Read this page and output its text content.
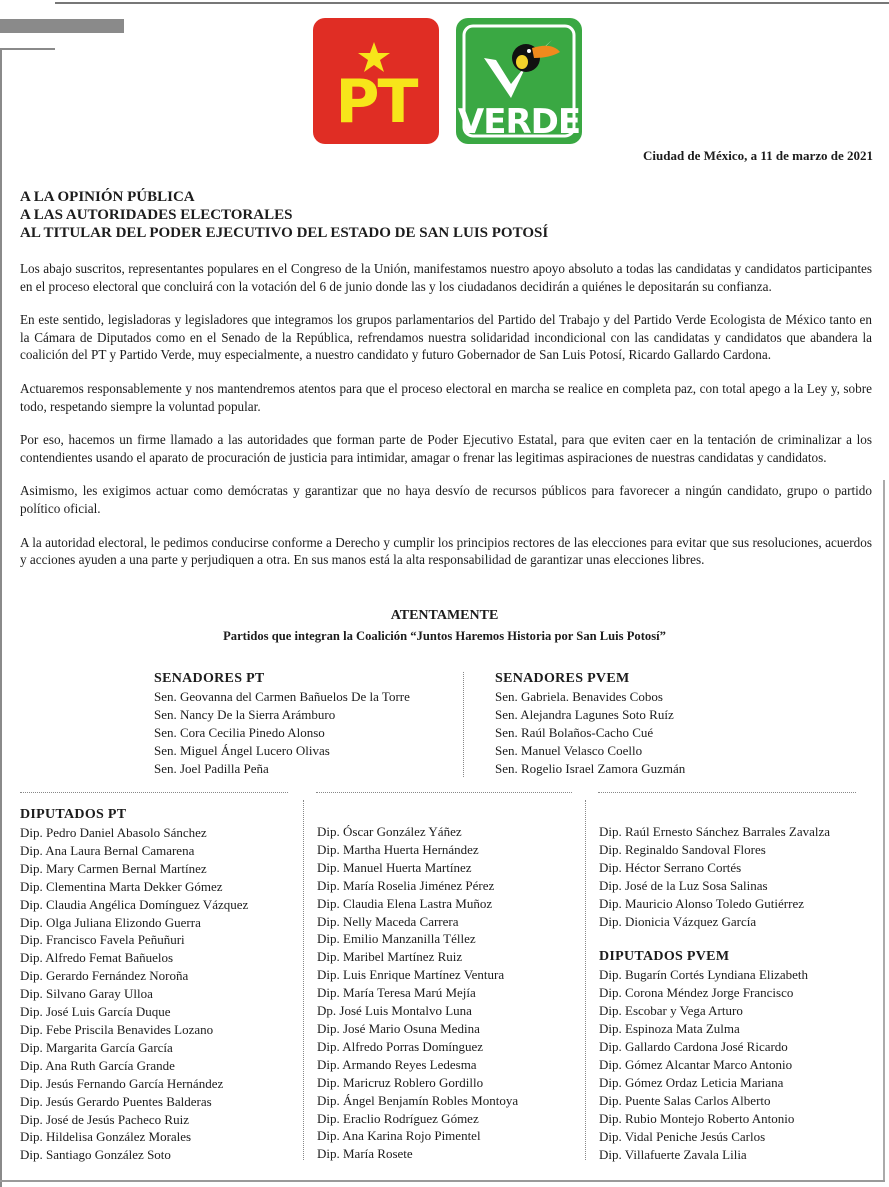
PT	VERDE
Ciudad de México, a 11 de marzo de 2021
A LA OPINIÓN PÚBLICA
A LAS AUTORIDADES ELECTORALES
AL TITULAR DEL PODER EJECUTIVO DEL ESTADO DE SAN LUIS POTOSÍ

Los abajo suscritos, representantes populares en el Congreso de la Unión, manifestamos nuestro apoyo absoluto a todas las candidatas y candidatos participantes en el proceso electoral que concluirá con la votación del 6 de junio donde las y los ciudadanos decidirán a quiénes le depositarán su confianza.

En este sentido, legisladoras y legisladores que integramos los grupos parlamentarios del Partido del Trabajo y del Partido Verde Ecologista de México tanto en la Cámara de Diputados como en el Senado de la República, refrendamos nuestra solidaridad incondicional con las candidatas y candidatos que abandera la coalición del PT y Partido Verde, muy especialmente, a nuestro candidato y futuro Gobernador de San Luis Potosí, Ricardo Gallardo Cardona.

Actuaremos responsablemente y nos mantendremos atentos para que el proceso electoral en marcha se realice en completa paz, con total apego a la Ley y, sobre todo, respetando siempre la voluntad popular.

Por eso, hacemos un firme llamado a las autoridades que forman parte de Poder Ejecutivo Estatal, para que eviten caer en la tentación de criminalizar a los contendientes usando el aparato de procuración de justicia para intimidar, amagar o frenar las legitimas aspiraciones de nuestras candidatas y candidatos.

Asimismo, les exigimos actuar como demócratas y garantizar que no haya desvío de recursos públicos para favorecer a ningún candidato, grupo o partido político oficial.

A la autoridad electoral, le pedimos conducirse conforme a Derecho y cumplir los principios rectores de las elecciones para evitar que sus resoluciones, acuerdos y acciones ayuden a una parte y perjudiquen a otra. En sus manos está la alta responsabilidad de garantizar unas elecciones libres.

ATENTAMENTE
Partidos que integran la Coalición “Juntos Haremos Historia por San Luis Potosí”
SENADORES PT
Sen. Geovanna del Carmen Bañuelos De la Torre
Sen. Nancy De la Sierra Arámburo
Sen. Cora Cecilia Pinedo Alonso
Sen. Miguel Ángel Lucero Olivas
Sen. Joel Padilla Peña
SENADORES PVEM
Sen. Gabriela. Benavides Cobos
Sen. Alejandra Lagunes Soto Ruíz
Sen. Raúl Bolaños-Cacho Cué
Sen. Manuel Velasco Coello
Sen. Rogelio Israel Zamora Guzmán
DIPUTADOS PT
Dip. Pedro Daniel Abasolo Sánchez
Dip. Ana Laura Bernal Camarena
Dip. Mary Carmen Bernal Martínez
Dip. Clementina Marta Dekker Gómez
Dip. Claudia Angélica Domínguez Vázquez
Dip. Olga Juliana Elizondo Guerra
Dip. Francisco Favela Peñuñuri
Dip. Alfredo Femat Bañuelos
Dip. Gerardo Fernández Noroña
Dip. Silvano Garay Ulloa
Dip. José Luis García Duque
Dip. Febe Priscila Benavides Lozano
Dip. Margarita García García
Dip. Ana Ruth García Grande
Dip. Jesús Fernando García Hernández
Dip. Jesús Gerardo Puentes Balderas
Dip. José de Jesús Pacheco Ruiz
Dip. Hildelisa González Morales
Dip. Santiago González Soto
Dip. Óscar González Yáñez
Dip. Martha Huerta Hernández
Dip. Manuel Huerta Martínez
Dip. María Roselia Jiménez Pérez
Dip. Claudia Elena Lastra Muñoz
Dip. Nelly Maceda Carrera
Dip. Emilio Manzanilla Téllez
Dip. Maribel Martínez Ruiz
Dip. Luis Enrique Martínez Ventura
Dip. María Teresa Marú Mejía
Dp. José Luis Montalvo Luna
Dip. José Mario Osuna Medina
Dip. Alfredo Porras Domínguez
Dip. Armando Reyes Ledesma
Dip. Maricruz Roblero Gordillo
Dip. Ángel Benjamín Robles Montoya
Dip. Eraclio Rodríguez Gómez
Dip. Ana Karina Rojo Pimentel
Dip. María Rosete
Dip. Raúl Ernesto Sánchez Barrales Zavalza
Dip. Reginaldo Sandoval Flores
Dip. Héctor Serrano Cortés
Dip. José de la Luz Sosa Salinas
Dip. Mauricio Alonso Toledo Gutiérrez
Dip. Dionicia Vázquez García
DIPUTADOS PVEM
Dip. Bugarín Cortés Lyndiana Elizabeth
Dip. Corona Méndez Jorge Francisco
Dip. Escobar y Vega Arturo
Dip. Espinoza Mata Zulma
Dip. Gallardo Cardona José Ricardo
Dip. Gómez Alcantar Marco Antonio
Dip. Gómez Ordaz Leticia Mariana
Dip. Puente Salas Carlos Alberto
Dip. Rubio Montejo Roberto Antonio
Dip. Vidal Peniche Jesús Carlos
Dip. Villafuerte Zavala Lilia
